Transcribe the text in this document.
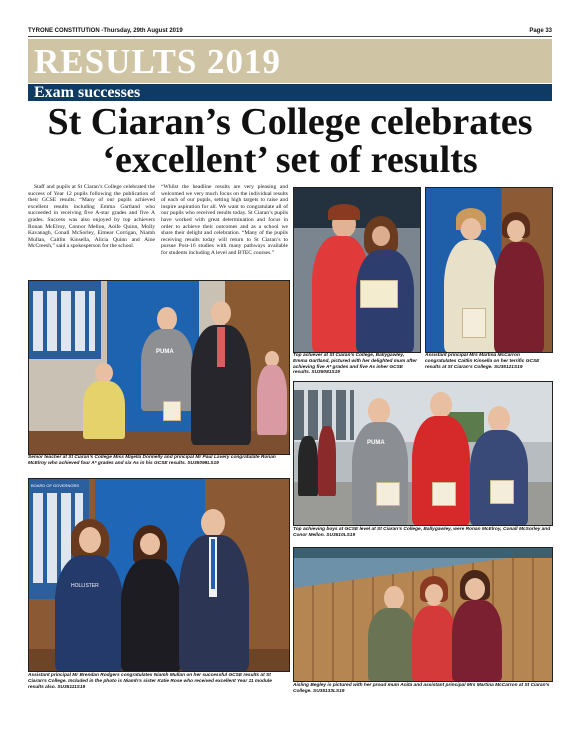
TYRONE CONSTITUTION -Thursday, 29th August 2019	Page 33
RESULTS 2019
Exam successes
St Ciaran’s College celebrates
‘excellent’ set of results
Staff and pupils at St Ciaran’s College celebrated the success of Year 12 pupils following the publication of their GCSE results. “Many of our pupils achieved excellent results including Emma Gartland who succeeded in receiving five A-star grades and five A grades. Success was also enjoyed by top achievers Ronan McElroy, Connor Mellon, Aoife Quinn, Molly Kavanagh, Conall McSorley, Eimear Corrigan, Niamh Mullan, Caitlin Kinsella, Alicia Quinn and Aine McCreesh,” said a spokesperson for the school.
“Whilst the headline results are very pleasing and welcomed we very much focus on the individual results of each of our pupils, setting high targets to raise and inspire aspiration for all. We want to congratulate all of our pupils who received results today. St Ciaran’s pupils have worked with great determination and focus in order to achieve their outcomes and as a school we share their delight and celebration. “Many of the pupils receiving results today will return to St Ciaran’s to pursue Post-16 studies with many pathways available for students including A level and BTEC courses.”
PUMA
Senior teacher at St Ciaran’s College Miss Majella Donnelly and principal Mr Paul Lavery congratulate Ronan McElroy who achieved four A* grades and six As in his GCSE results. SU35098LS19
Top achiever at St Ciaran’s College, Ballygawley, Emma Gartland, pictured with her delighted mum after achieving five A* grades and five As inher GCSE results. SU35081S19
Assistant principal Mrs Martina McCarron congratulates Caitlin Kinsella on her terrific GCSE results at St Ciaran’s College. SU35121S19
PUMA
Top achieving boys at GCSE level at St Ciaran’s College, Ballygawley, were Ronan McElroy, Conall McSorley and Conor Mellon. SU3510LS19
BOARD OF GOVERNORS
HOLLISTER
Assistant principal Mr Brendan Rodgers congratulates Niamh Mullan on her successful GCSE results at St Ciaran’s College. Included in the photo is Niamh’s sister Katie Rose who received excellent Year 11 module results also. SU35111S19	Aisling Begley is pictured with her proud mum Anita and assistant principal Mrs Martina McCarron at St Ciaran’s College. SU35133LS19
